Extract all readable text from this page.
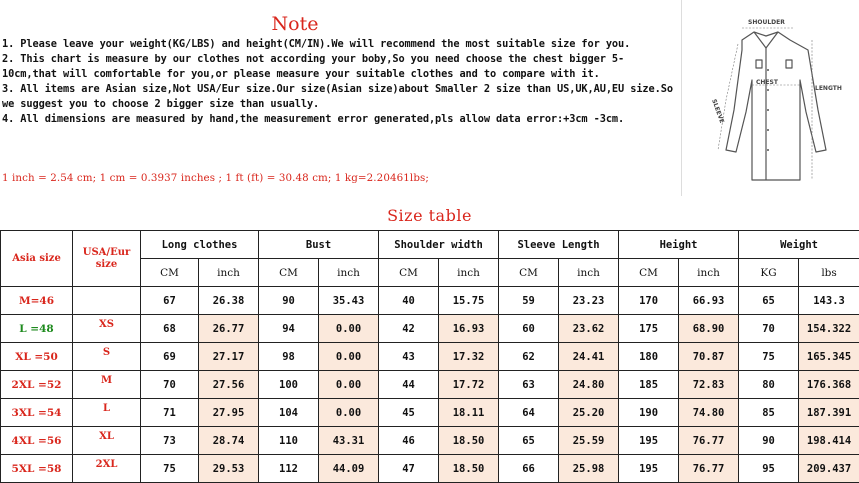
Note
1. Please leave your weight(KG/LBS) and height(CM/IN).We will recommend the most suitable size for you.
2. This chart is measure by our clothes not according your boby,So you need choose the chest bigger 5-10cm,that will comfortable for you,or please measure your suitable clothes and to compare with it.
3. All items are Asian size,Not USA/Eur size.Our size(Asian size)about Smaller 2 size than US,UK,AU,EU size.So we suggest you to choose 2 bigger size than usually.
4. All dimensions are measured by hand,the measurement error generated,pls allow data error:+3cm -3cm.
1 inch = 2.54 cm; 1 cm = 0.3937 inches ; 1 ft (ft) = 30.48 cm; 1 kg=2.20461lbs;
SHOULDER
CHEST
LENGTH
SLEEVE
Size table
Asia size	USA/Eur size	Long clothes		Bust		Shoulder width		Sleeve Length		Height		Weight	
		CM	inch	CM	inch	CM	inch	CM	inch	CM	inch	KG	lbs
M=46		67	26.38	90	35.43	40	15.75	59	23.23	170	66.93	65	143.3
L =48	XS	68	26.77	94	0.00	42	16.93	60	23.62	175	68.90	70	154.322
XL =50	S	69	27.17	98	0.00	43	17.32	62	24.41	180	70.87	75	165.345
2XL =52	M	70	27.56	100	0.00	44	17.72	63	24.80	185	72.83	80	176.368
3XL =54	L	71	27.95	104	0.00	45	18.11	64	25.20	190	74.80	85	187.391
4XL =56	XL	73	28.74	110	43.31	46	18.50	65	25.59	195	76.77	90	198.414
5XL =58	2XL	75	29.53	112	44.09	47	18.50	66	25.98	195	76.77	95	209.437
